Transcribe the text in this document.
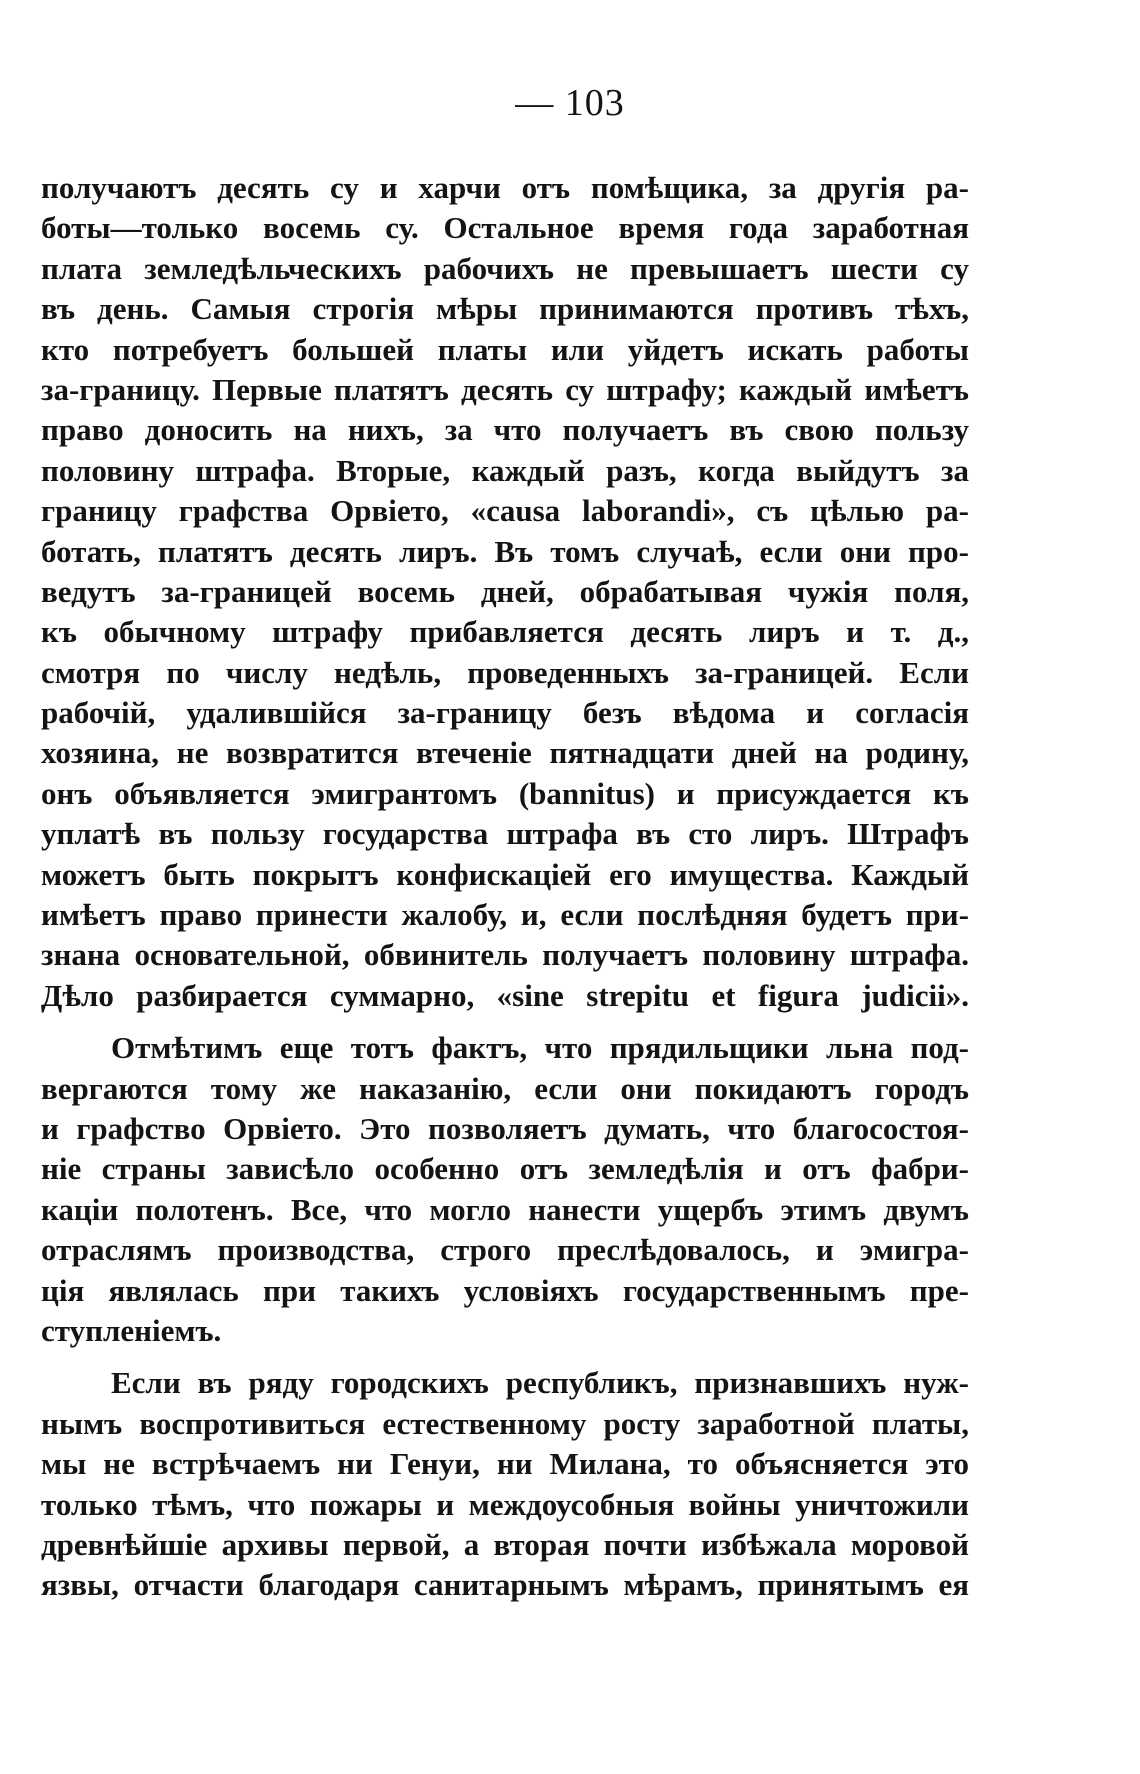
— 103
получаютъ десять су и харчи отъ помѣщика, за другія ра-
боты—только восемь су. Остальное время года заработная
плата земледѣльческихъ рабочихъ не превышаетъ шести су
въ день. Самыя строгія мѣры принимаются противъ тѣхъ,
кто потребуетъ большей платы или уйдетъ искать работы
за-границу. Первые платятъ десять су штрафу; каждый имѣетъ
право доносить на нихъ, за что получаетъ въ свою пользу
половину штрафа. Вторые, каждый разъ, когда выйдутъ за
границу графства Орвіето, «causa laborandi», съ цѣлью ра-
ботать, платятъ десять лиръ. Въ томъ случаѣ, если они про-
ведутъ за-границей восемь дней, обрабатывая чужія поля,
къ обычному штрафу прибавляется десять лиръ и т. д.,
смотря по числу недѣль, проведенныхъ за-границей. Если
рабочій, удалившійся за-границу безъ вѣдома и согласія
хозяина, не возвратится втеченіе пятнадцати дней на родину,
онъ объявляется эмигрантомъ (bannitus) и присуждается къ
уплатѣ въ пользу государства штрафа въ сто лиръ. Штрафъ
можетъ быть покрытъ конфискаціей его имущества. Каждый
имѣетъ право принести жалобу, и, если послѣдняя будетъ при-
знана основательной, обвинитель получаетъ половину штрафа.
Дѣло разбирается суммарно, «sine strepitu et figura judicii».
Отмѣтимъ еще тотъ фактъ, что прядильщики льна под-
вергаются тому же наказанію, если они покидаютъ городъ
и графство Орвіето. Это позволяетъ думать, что благосостоя-
ніе страны зависѣло особенно отъ земледѣлія и отъ фабри-
каціи полотенъ. Все, что могло нанести ущербъ этимъ двумъ
отраслямъ производства, строго преслѣдовалось, и эмигра-
ція являлась при такихъ условіяхъ государственнымъ пре-
ступленіемъ.
Если въ ряду городскихъ республикъ, признавшихъ нуж-
нымъ воспротивиться естественному росту заработной платы,
мы не встрѣчаемъ ни Генуи, ни Милана, то объясняется это
только тѣмъ, что пожары и междоусобныя войны уничтожили
древнѣйшіе архивы первой, а вторая почти избѣжала моровой
язвы, отчасти благодаря санитарнымъ мѣрамъ, принятымъ ея
